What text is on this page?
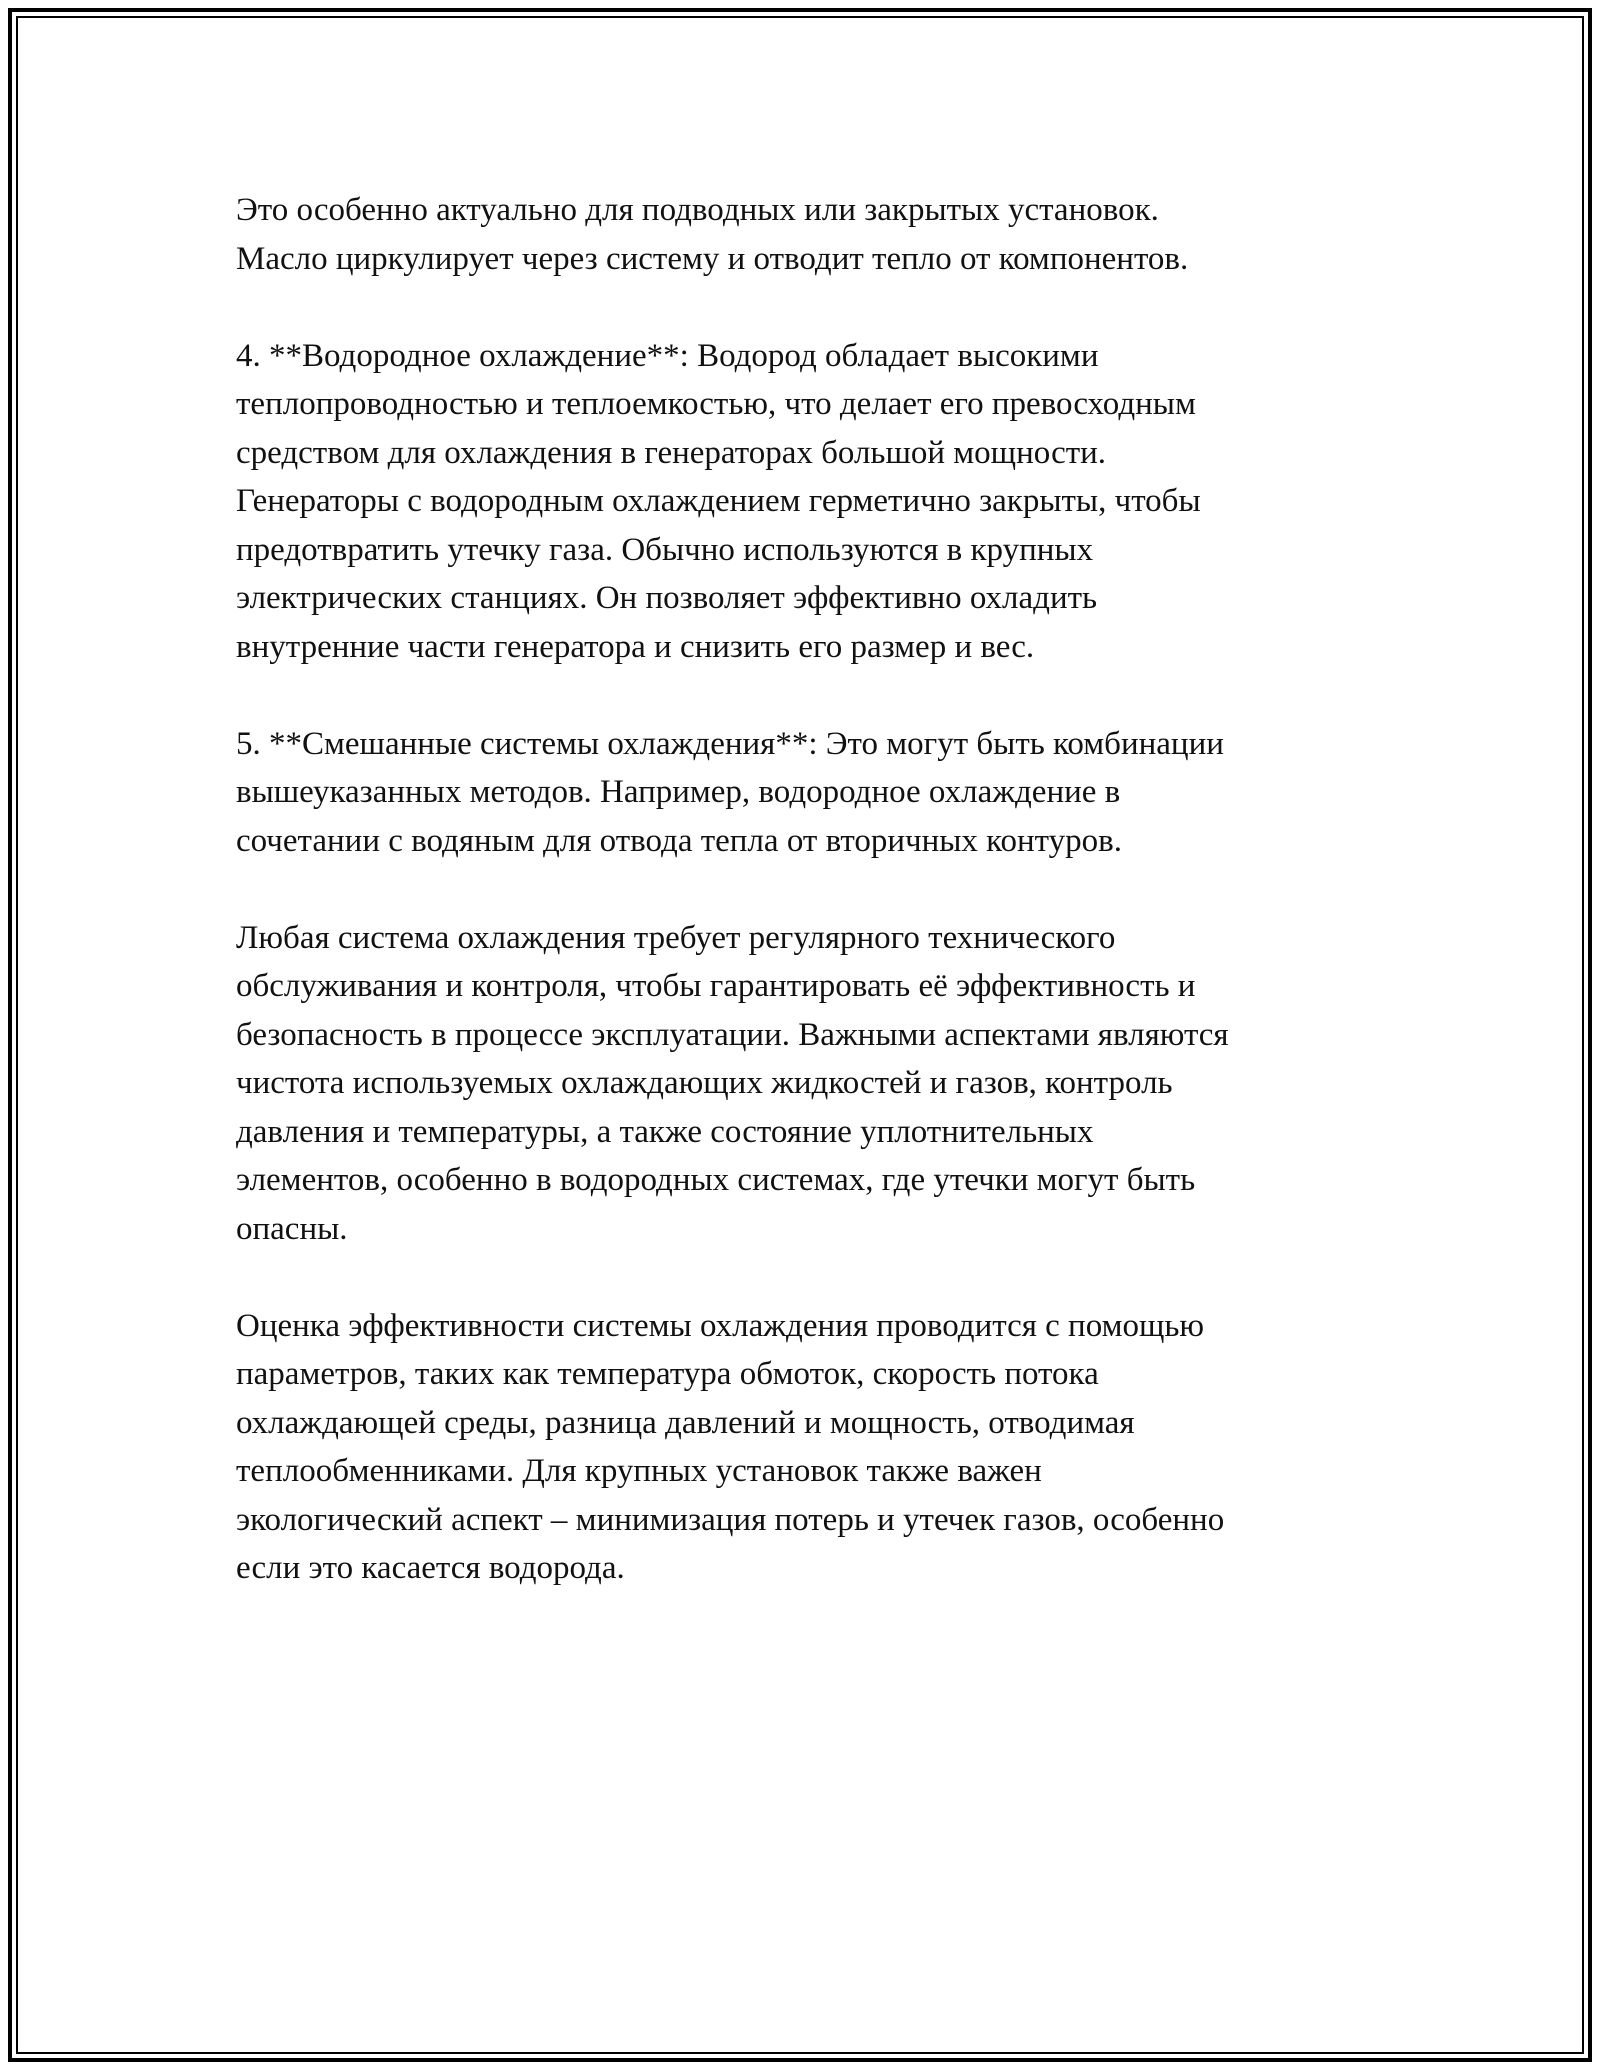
Это особенно актуально для подводных или закрытых установок.
Масло циркулирует через систему и отводит тепло от компонентов.

4. **Водородное охлаждение**: Водород обладает высокими
теплопроводностью и теплоемкостью, что делает его превосходным
средством для охлаждения в генераторах большой мощности.
Генераторы с водородным охлаждением герметично закрыты, чтобы
предотвратить утечку газа. Обычно используются в крупных
электрических станциях. Он позволяет эффективно охладить
внутренние части генератора и снизить его размер и вес.

5. **Смешанные системы охлаждения**: Это могут быть комбинации
вышеуказанных методов. Например, водородное охлаждение в
сочетании с водяным для отвода тепла от вторичных контуров.

Любая система охлаждения требует регулярного технического
обслуживания и контроля, чтобы гарантировать её эффективность и
безопасность в процессе эксплуатации. Важными аспектами являются
чистота используемых охлаждающих жидкостей и газов, контроль
давления и температуры, а также состояние уплотнительных
элементов, особенно в водородных системах, где утечки могут быть
опасны.

Оценка эффективности системы охлаждения проводится с помощью
параметров, таких как температура обмоток, скорость потока
охлаждающей среды, разница давлений и мощность, отводимая
теплообменниками. Для крупных установок также важен
экологический аспект – минимизация потерь и утечек газов, особенно
если это касается водорода.
